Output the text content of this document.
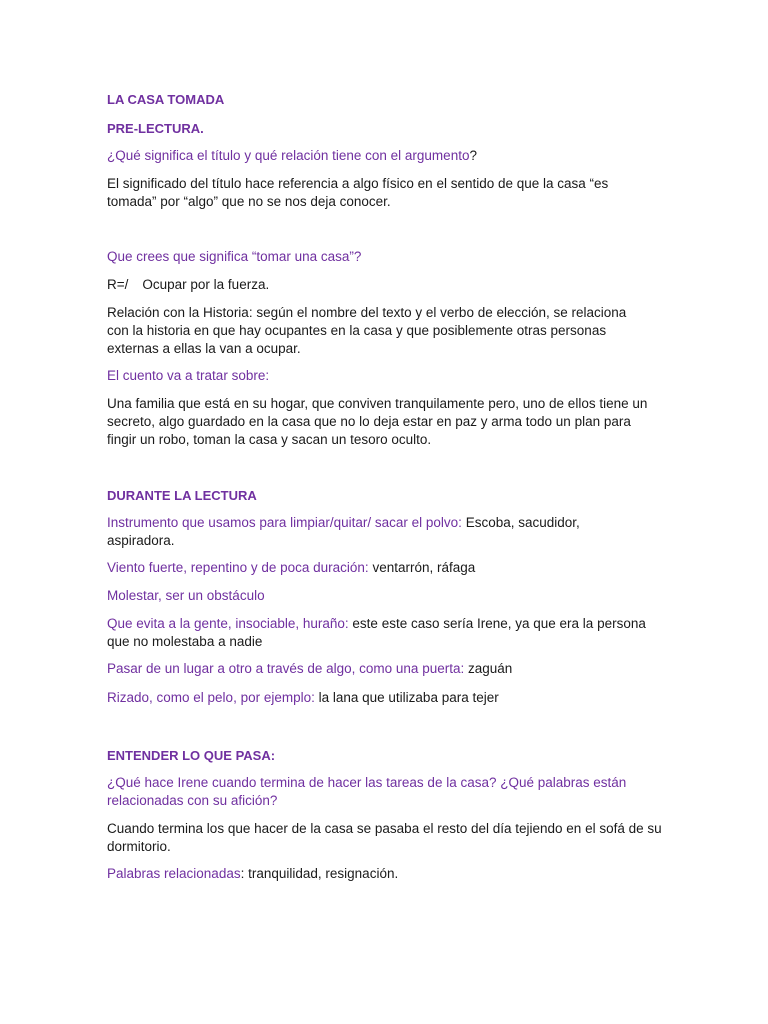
LA CASA TOMADA

PRE-LECTURA.

¿Qué significa el título y qué relación tiene con el argumento?

El significado del título hace referencia a algo físico en el sentido de que la casa “es tomada” por “algo” que no se nos deja conocer.

Que crees que significa “tomar una casa”?

R=/ Ocupar por la fuerza.

Relación con la Historia: según el nombre del texto y el verbo de elección, se relaciona con la historia en que hay ocupantes en la casa y que posiblemente otras personas externas a ellas la van a ocupar.

El cuento va a tratar sobre:

Una familia que está en su hogar, que conviven tranquilamente pero, uno de ellos tiene un secreto, algo guardado en la casa que no lo deja estar en paz y arma todo un plan para fingir un robo, toman la casa y sacan un tesoro oculto.

DURANTE LA LECTURA

Instrumento que usamos para limpiar/quitar/ sacar el polvo: Escoba, sacudidor, aspiradora.

Viento fuerte, repentino y de poca duración: ventarrón, ráfaga

Molestar, ser un obstáculo

Que evita a la gente, insociable, huraño: este este caso sería Irene, ya que era la persona que no molestaba a nadie

Pasar de un lugar a otro a través de algo, como una puerta: zaguán

Rizado, como el pelo, por ejemplo: la lana que utilizaba para tejer

ENTENDER LO QUE PASA:

¿Qué hace Irene cuando termina de hacer las tareas de la casa? ¿Qué palabras están relacionadas con su afición?

Cuando termina los que hacer de la casa se pasaba el resto del día tejiendo en el sofá de su dormitorio.

Palabras relacionadas: tranquilidad, resignación.
